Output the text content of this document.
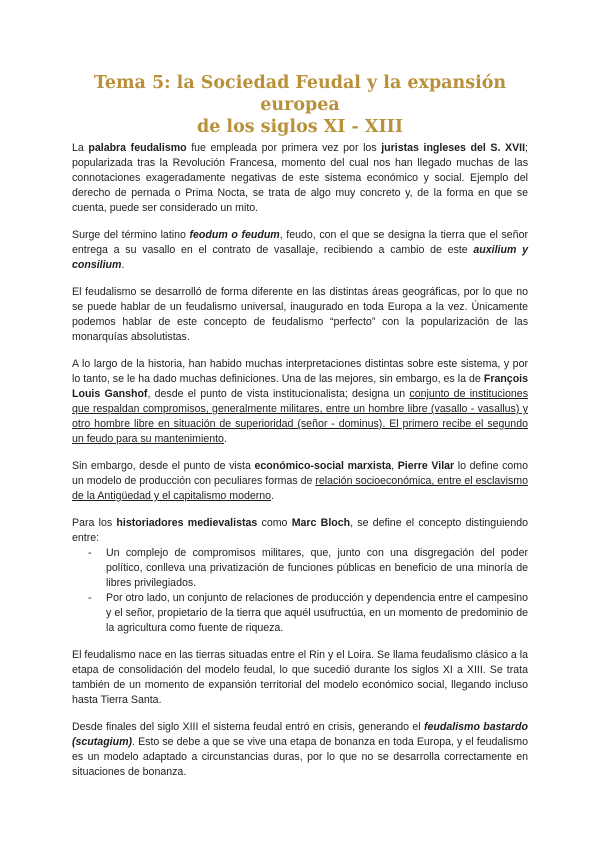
Tema 5: la Sociedad Feudal y la expansión europea
de los siglos XI - XIII

La palabra feudalismo fue empleada por primera vez por los juristas ingleses del S. XVII; popularizada tras la Revolución Francesa, momento del cual nos han llegado muchas de las connotaciones exageradamente negativas de este sistema económico y social. Ejemplo del derecho de pernada o Prima Nocta, se trata de algo muy concreto y, de la forma en que se cuenta, puede ser considerado un mito.

Surge del término latino feodum o feudum, feudo, con el que se designa la tierra que el señor entrega a su vasallo en el contrato de vasallaje, recibiendo a cambio de este auxilium y consilium.

El feudalismo se desarrolló de forma diferente en las distintas áreas geográficas, por lo que no se puede hablar de un feudalismo universal, inaugurado en toda Europa a la vez. Únicamente podemos hablar de este concepto de feudalismo “perfecto” con la popularización de las monarquías absolutistas.

A lo largo de la historia, han habido muchas interpretaciones distintas sobre este sistema, y por lo tanto, se le ha dado muchas definiciones. Una de las mejores, sin embargo, es la de François Louis Ganshof, desde el punto de vista institucionalista; designa un conjunto de instituciones que respaldan compromisos, generalmente militares, entre un hombre libre (vasallo - vasallus) y otro hombre libre en situación de superioridad (señor - dominus). El primero recibe el segundo un feudo para su mantenimiento.

Sin embargo, desde el punto de vista económico-social marxista, Pierre Vilar lo define como un modelo de producción con peculiares formas de relación socioeconómica, entre el esclavismo de la Antigüedad y el capitalismo moderno.

Para los historiadores medievalistas como Marc Bloch, se define el concepto distinguiendo entre:

- Un complejo de compromisos militares, que, junto con una disgregación del poder político, conlleva una privatización de funciones públicas en beneficio de una minoría de libres privilegiados.
- Por otro lado, un conjunto de relaciones de producción y dependencia entre el campesino y el señor, propietario de la tierra que aquél usufructúa, en un momento de predominio de la agricultura como fuente de riqueza.

El feudalismo nace en las tierras situadas entre el Rin y el Loira. Se llama feudalismo clásico a la etapa de consolidación del modelo feudal, lo que sucedió durante los siglos XI a XIII. Se trata también de un momento de expansión territorial del modelo económico social, llegando incluso hasta Tierra Santa.

Desde finales del siglo XIII el sistema feudal entró en crisis, generando el feudalismo bastardo (scutagium). Esto se debe a que se vive una etapa de bonanza en toda Europa, y el feudalismo es un modelo adaptado a circunstancias duras, por lo que no se desarrolla correctamente en situaciones de bonanza.
